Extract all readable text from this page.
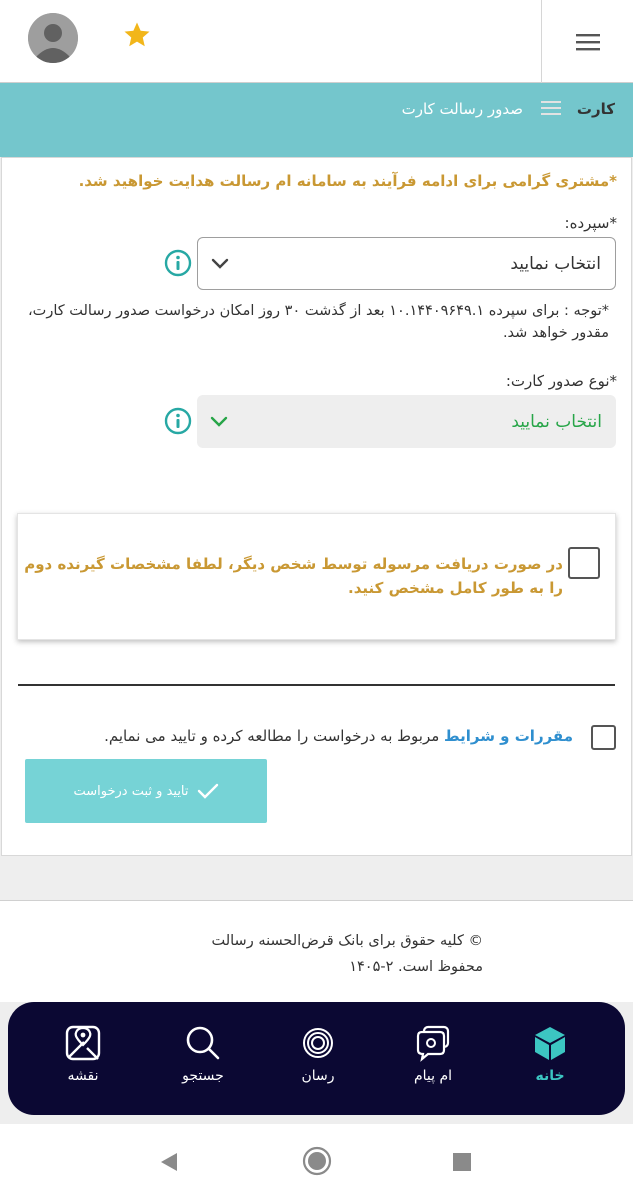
کارت
صدور رسالت کارت
*مشتری گرامی برای ادامه فرآیند به سامانه ام رسالت هدایت خواهید شد.
*سپرده:
انتخاب نمایید
*توجه : برای سپرده ۱۰.۱۴۴۰۹۶۴۹.۱ بعد از گذشت ۳۰ روز امکان درخواست صدور رسالت کارت، مقدور خواهد شد.
*نوع صدور کارت:
انتخاب نمایید
در صورت دریافت مرسوله توسط شخص دیگر، لطفا مشخصات گیرنده دوم را به طور کامل مشخص کنید.
مقررات و شرایط مربوط به درخواست را مطالعه کرده و تایید می نمایم.
تایید و ثبت درخواست
© کلیه حقوق برای بانک قرض‌الحسنه رسالت
محفوظ است. ۲-۱۴۰۵
خانه
ام پیام
رسان
جستجو
نقشه
